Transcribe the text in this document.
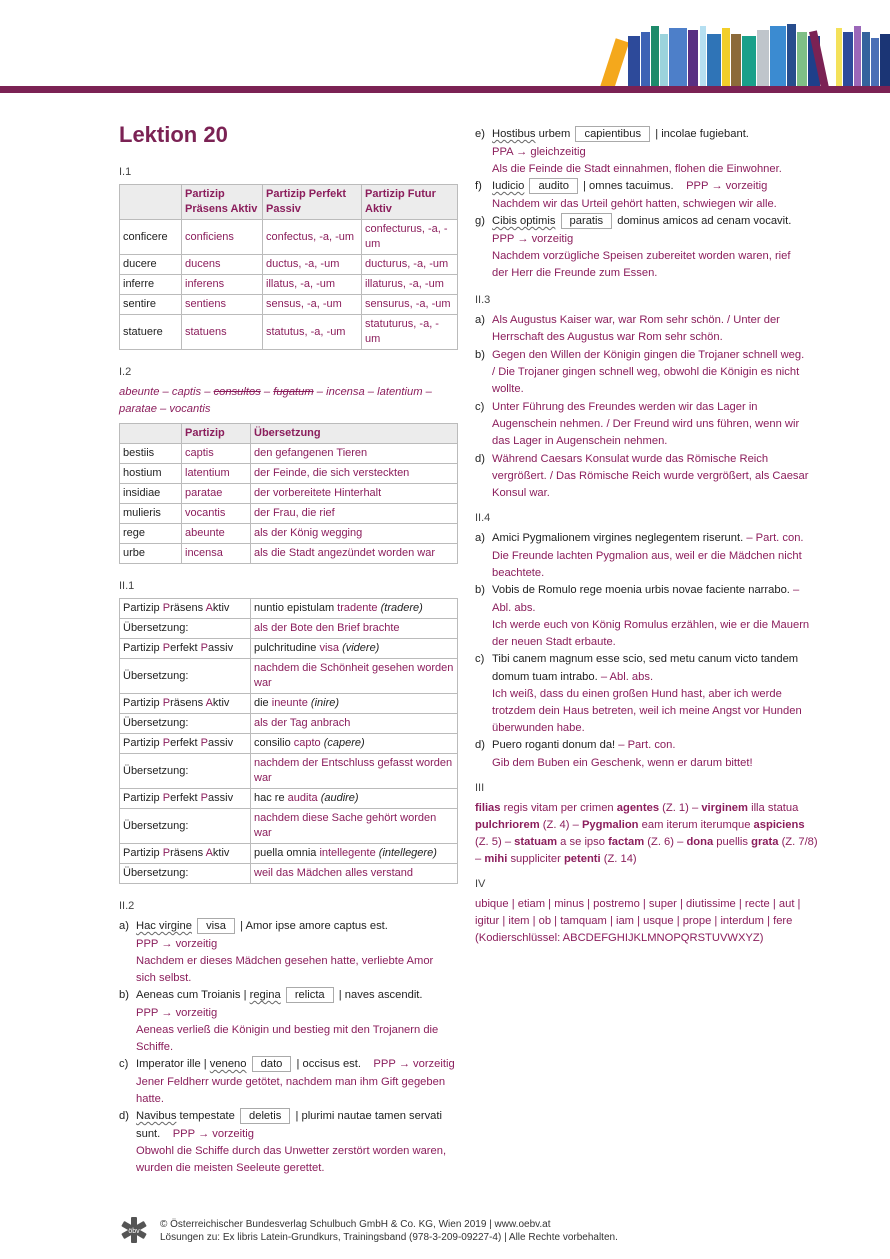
Lektion 20
I.1
	Partizip Präsens Aktiv	Partizip Perfekt Passiv	Partizip Futur Aktiv
conficere	conficiens	confectus, -a, -um	confecturus, -a, -um
ducere	ducens	ductus, -a, -um	ducturus, -a, -um
inferre	inferens	illatus, -a, -um	illaturus, -a, -um
sentire	sentiens	sensus, -a, -um	sensurus, -a, -um
statuere	statuens	statutus, -a, -um	statuturus, -a, -um
I.2

abeunte – captis – consultos – fugatum – incensa – latentium –

paratae – vocantis

	Partizip	Übersetzung
bestiis	captis	den gefangenen Tieren
hostium	latentium	der Feinde, die sich versteckten
insidiae	paratae	der vorbereitete Hinterhalt
mulieris	vocantis	der Frau, die rief
rege	abeunte	als der König wegging
urbe	incensa	als die Stadt angezündet worden war
II.1
Partizip Präsens Aktiv	nuntio epistulam tradente (tradere)
Übersetzung:	als der Bote den Brief brachte
Partizip Perfekt Passiv	pulchritudine visa (videre)
Übersetzung:	nachdem die Schönheit gesehen worden war
Partizip Präsens Aktiv	die ineunte (inire)
Übersetzung:	als der Tag anbrach
Partizip Perfekt Passiv	consilio capto (capere)
Übersetzung:	nachdem der Entschluss gefasst worden war
Partizip Perfekt Passiv	hac re audita (audire)
Übersetzung:	nachdem diese Sache gehört worden war
Partizip Präsens Aktiv	puella omnia intellegente (intellegere)
Übersetzung:	weil das Mädchen alles verstand
II.2
a) Hac virgine visa | Amor ipse amore captus est.

PPP → vorzeitig

Nachdem er dieses Mädchen gesehen hatte, verliebte Amor

sich selbst.

b) Aeneas cum Troianis | regina relicta | naves ascendit.

PPP → vorzeitig

Aeneas verließ die Königin und bestieg mit den Trojanern die

Schiffe.

c) Imperator ille | veneno dato | occisus est. PPP → vorzeitig

Jener Feldherr wurde getötet, nachdem man ihm Gift gegeben

hatte.

d) Navibus tempestate deletis | plurimi nautae tamen servati

sunt. PPP → vorzeitig

Obwohl die Schiffe durch das Unwetter zerstört worden waren,

wurden die meisten Seeleute gerettet.

e) Hostibus urbem capientibus | incolae fugiebant.

PPA → gleichzeitig

Als die Feinde die Stadt einnahmen, flohen die Einwohner.

f) Iudicio audito | omnes tacuimus. PPP → vorzeitig

Nachdem wir das Urteil gehört hatten, schwiegen wir alle.

g) Cibis optimis paratis dominus amicos ad cenam vocavit.

PPP → vorzeitig

Nachdem vorzügliche Speisen zubereitet worden waren, rief

der Herr die Freunde zum Essen.

II.3
a) Als Augustus Kaiser war, war Rom sehr schön. / Unter der
Herrschaft des Augustus war Rom sehr schön.
b) Gegen den Willen der Königin gingen die Trojaner schnell weg.
/ Die Trojaner gingen schnell weg, obwohl die Königin es nicht
wollte.
c) Unter Führung des Freundes werden wir das Lager in
Augenschein nehmen. / Der Freund wird uns führen, wenn wir
das Lager in Augenschein nehmen.
d) Während Caesars Konsulat wurde das Römische Reich
vergrößert. / Das Römische Reich wurde vergrößert, als Caesar
Konsul war.
II.4
a) Amici Pygmalionem virgines neglegentem riserunt. – Part. con.

Die Freunde lachten Pygmalion aus, weil er die Mädchen nicht

beachtete.

b) Vobis de Romulo rege moenia urbis novae faciente narrabo. –

Abl. abs.

Ich werde euch von König Romulus erzählen, wie er die Mauern

der neuen Stadt erbaute.

c) Tibi canem magnum esse scio, sed metu canum victo tandem

domum tuam intrabo. – Abl. abs.

Ich weiß, dass du einen großen Hund hast, aber ich werde

trotzdem dein Haus betreten, weil ich meine Angst vor Hunden

überwunden habe.

d) Puero roganti donum da! – Part. con.

Gib dem Buben ein Geschenk, wenn er darum bittet!

III

filias regis vitam per crimen agentes (Z. 1) – virginem illa statua

pulchriorem (Z. 4) – Pygmalion eam iterum iterumque aspiciens

(Z. 5) – statuam a se ipso factam (Z. 6) – dona puellis grata (Z. 7/8)

– mihi suppliciter petenti (Z. 14)

IV

ubique | etiam | minus | postremo | super | diutissime | recte | aut |

igitur | item | ob | tamquam | iam | usque | prope | interdum | fere

(Kodierschlüssel: ABCDEFGHIJKLMNOPQRSTUVWXYZ)

öbv
© Österreichischer Bundesverlag Schulbuch GmbH & Co. KG, Wien 2019 | www.oebv.at
Lösungen zu: Ex libris Latein-Grundkurs, Trainingsband (978-3-209-09227-4) | Alle Rechte vorbehalten.
